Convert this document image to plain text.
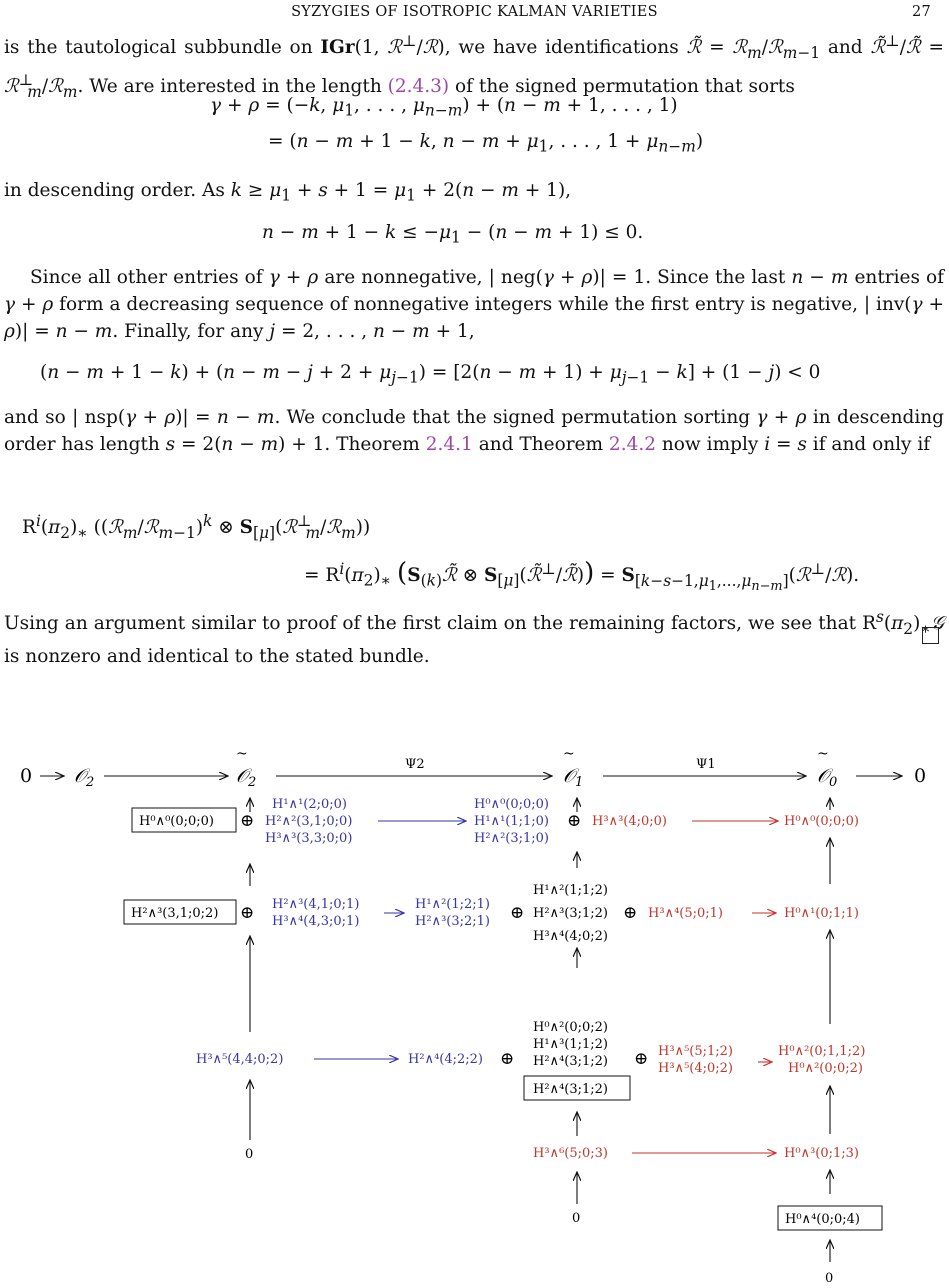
SYZYGIES OF ISOTROPIC KALMAN VARIETIES	27
is the tautological subbundle on IGr(1, ℛ⊥/ℛ), we have identifications ℛ̃ = ℛ$_m$/ℛ$_{m-1}$ and ℛ̃⊥/ℛ̃ = ℛ⊥$_m$/ℛ$_m$. We are interested in the length (2.4.3) of the signed permutation that sorts
γ + ρ = (−k, $\mu_1$, . . . , $\mu_{n-m}) + (n - m + 1$, . . . , 1)
= (n − m + 1 − k, $n - m + \mu_1$, . . . , $1 + \mu_{n-m}$)
in descending order. As $k \ge \mu_1 + s + 1 = \mu_1 + 2(n - m + 1)$,
$n - m + 1 - k \le -\mu_1 - (n - m + 1) \le 0$.
Since all other entries of γ + ρ are nonnegative, | neg(γ + ρ)| = 1. Since the last n − m entries of γ + ρ form a decreasing sequence of nonnegative integers while the first entry is negative, | inv(γ + ρ)| = n − m. Finally, for any j = 2, . . . , n − m + 1,
$(n - m + 1 - k) + (n - m - j + 2 + \mu_{j-1}) = [2(n - m + 1) + \mu_{j-1} - k] + (1 - j) < 0$
and so | nsp(γ + ρ)| = n − m. We conclude that the signed permutation sorting γ + ρ in descending order has length s = 2(n − m) + 1. Theorem 2.4.1 and Theorem 2.4.2 now imply i = s if and only if
$R^i(\pi_2)_∗$ ((ℛ$_m$/ℛ$_{m-1}$)$^k$ ⊗ $S_{[\mu]}(ℛ^\perp_m/ℛ_m)$)
= $R^i(\pi_2)_∗$ ($S_{(k)}ℛ̃$ ⊗ $S_{[\mu]}(ℛ̃^\perp/ℛ̃)$) = $S_{[k-s-1,\mu_1,...,\mu_{n-m}]}(ℛ^\perp/ℛ)$.
Using an argument similar to proof of the first claim on the remaining factors, we see that $R^s(\pi_2)_∗𝒢$ is nonzero and identical to the stated bundle.
0 𝒪$_2$	𝒪$_2$
~
Ψ2
𝒪$_1$
~
Ψ1
𝒪$_0$
~
0
H⁰∧⁰(0;0;0) ⊕
H¹∧¹(2;0;0)
H²∧²(3,1;0;0)
H³∧³(3,3;0;0)
H⁰∧⁰(0;0;0)
H¹∧¹(1;1;0)
H²∧²(3;1;0)
⊕ H³∧³(4;0;0)	H⁰∧⁰(0;0;0)
H²∧³(3,1;0;2) ⊕ H²∧³(4,1;0;1)
H³∧⁴(4,3;0;1)
H¹∧²(1;2;1)
H²∧³(3;2;1) ⊕
H¹∧²(1;1;2)
H²∧³(3;1;2)
H³∧⁴(4;0;2)
⊕ H³∧⁴(5;0;1)	H⁰∧¹(0;1;1)
H³∧⁵(4,4;0;2)	H²∧⁴(4;2;2) ⊕
H⁰∧²(0;0;2)
H¹∧³(1;1;2)
H²∧⁴(3;1;2)
H²∧⁴(3;1;2)
⊕ H³∧⁵(5;1;2)
H³∧⁵(4;0;2)
H⁰∧²(0;1,1;2)
H⁰∧²(0;0;2)
0	H³∧⁶(5;0;3)	H⁰∧³(0;1;3)
0	H⁰∧⁴(0;0;4)
0
